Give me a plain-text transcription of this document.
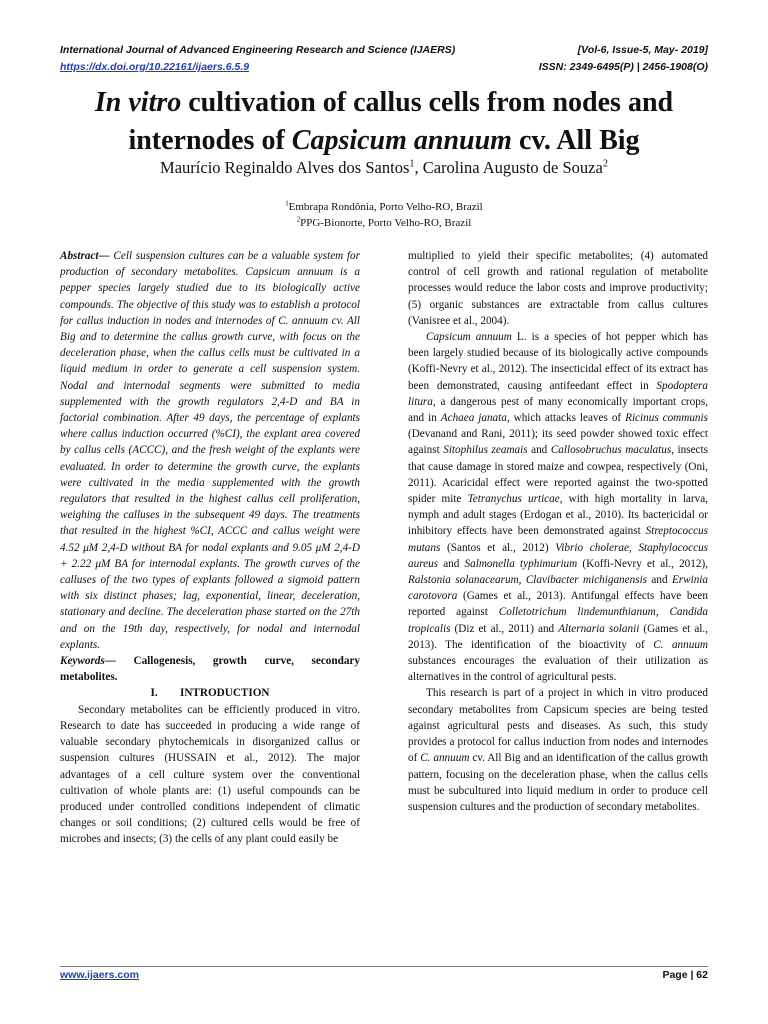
International Journal of Advanced Engineering Research and Science (IJAERS)	[Vol-6, Issue-5, May- 2019]
https://dx.doi.org/10.22161/ijaers.6.5.9	ISSN: 2349-6495(P) | 2456-1908(O)
In vitro cultivation of callus cells from nodes and internodes of Capsicum annuum cv. All Big
Maurício Reginaldo Alves dos Santos$^1$, Carolina Augusto de Souza$^2$
$^1$Embrapa Rondônia, Porto Velho-RO, Brazil
$^2$PPG-Bionorte, Porto Velho-RO, Brazil

Abstract— Cell suspension cultures can be a valuable system for production of secondary metabolites. Capsicum annuum is a pepper species largely studied due to its biologically active compounds. The objective of this study was to establish a protocol for callus induction in nodes and internodes of C. annuum cv. All Big and to determine the callus growth curve, with focus on the deceleration phase, when the callus cells must be cultivated in a liquid medium in order to generate a cell suspension system. Nodal and internodal segments were submitted to media supplemented with the growth regulators 2,4-D and BA in factorial combination. After 49 days, the percentage of explants where callus induction occurred (%CI), the explant area covered by callus cells (ACCC), and the fresh weight of the explants were evaluated. In order to determine the growth curve, the explants were cultivated in the media supplemented with the growth regulators that resulted in the highest callus cell proliferation, weighing the calluses in the subsequent 49 days. The treatments that resulted in the highest %CI, ACCC and callus weight were 4.52 μM 2,4-D without BA for nodal explants and 9.05 μM 2,4-D + 2.22 μM BA for internodal explants. The growth curves of the calluses of the two types of explants followed a sigmoid pattern with six distinct phases; lag, exponential, linear, deceleration, stationary and decline. The deceleration phase started on the 27th and on the 19th day, respectively, for nodal and internodal explants.

Keywords— Callogenesis, growth curve, secondary metabolites.

I.        INTRODUCTION

Secondary metabolites can be efficiently produced in vitro. Research to date has succeeded in producing a wide range of valuable secondary phytochemicals in disorganized callus or suspension cultures (HUSSAIN et al., 2012). The major advantages of a cell culture system over the conventional cultivation of whole plants are: (1) useful compounds can be produced under controlled conditions independent of climatic changes or soil conditions; (2) cultured cells would be free of microbes and insects; (3) the cells of any plant could easily be

multiplied to yield their specific metabolites; (4) automated control of cell growth and rational regulation of metabolite processes would reduce the labor costs and improve productivity; (5) organic substances are extractable from callus cultures (Vanisree et al., 2004).

Capsicum annuum L. is a species of hot pepper which has been largely studied because of its biologically active compounds (Koffi-Nevry et al., 2012). The insecticidal effect of its extract has been demonstrated, causing antifeedant effect in Spodoptera litura, a dangerous pest of many economically important crops, and in Achaea janata, which attacks leaves of Ricinus communis (Devanand and Rani, 2011); its seed powder showed toxic effect against Sitophilus zeamais and Callosobruchus maculatus, insects that cause damage in stored maize and cowpea, respectively (Oni, 2011). Acaricidal effect were reported against the two-spotted spider mite Tetranychus urticae, with high mortality in larva, nymph and adult stages (Erdogan et al., 2010). Its bactericidal or inhibitory effects have been demonstrated against Streptococcus mutans (Santos et al., 2012) Vibrio cholerae, Staphylococcus aureus and Salmonella typhimurium (Koffi-Nevry et al., 2012), Ralstonia solanacearum, Clavibacter michiganensis and Erwinia carotovora (Games et al., 2013). Antifungal effects have been reported against Colletotrichum lindemunthianum, Candida tropicalis (Diz et al., 2011) and Alternaria solanii (Games et al., 2013). The identification of the bioactivity of C. annuum substances encourages the evaluation of their utilization as alternatives in the control of agricultural pests.

This research is part of a project in which in vitro produced secondary metabolites from Capsicum species are being tested against agricultural pests and diseases. As such, this study provides a protocol for callus induction from nodes and internodes of C. annuum cv. All Big and an identification of the callus growth pattern, focusing on the deceleration phase, when the callus cells must be subcultured into liquid medium in order to produce cell suspension cultures and the production of secondary metabolites.

www.ijaers.com	Page | 62
